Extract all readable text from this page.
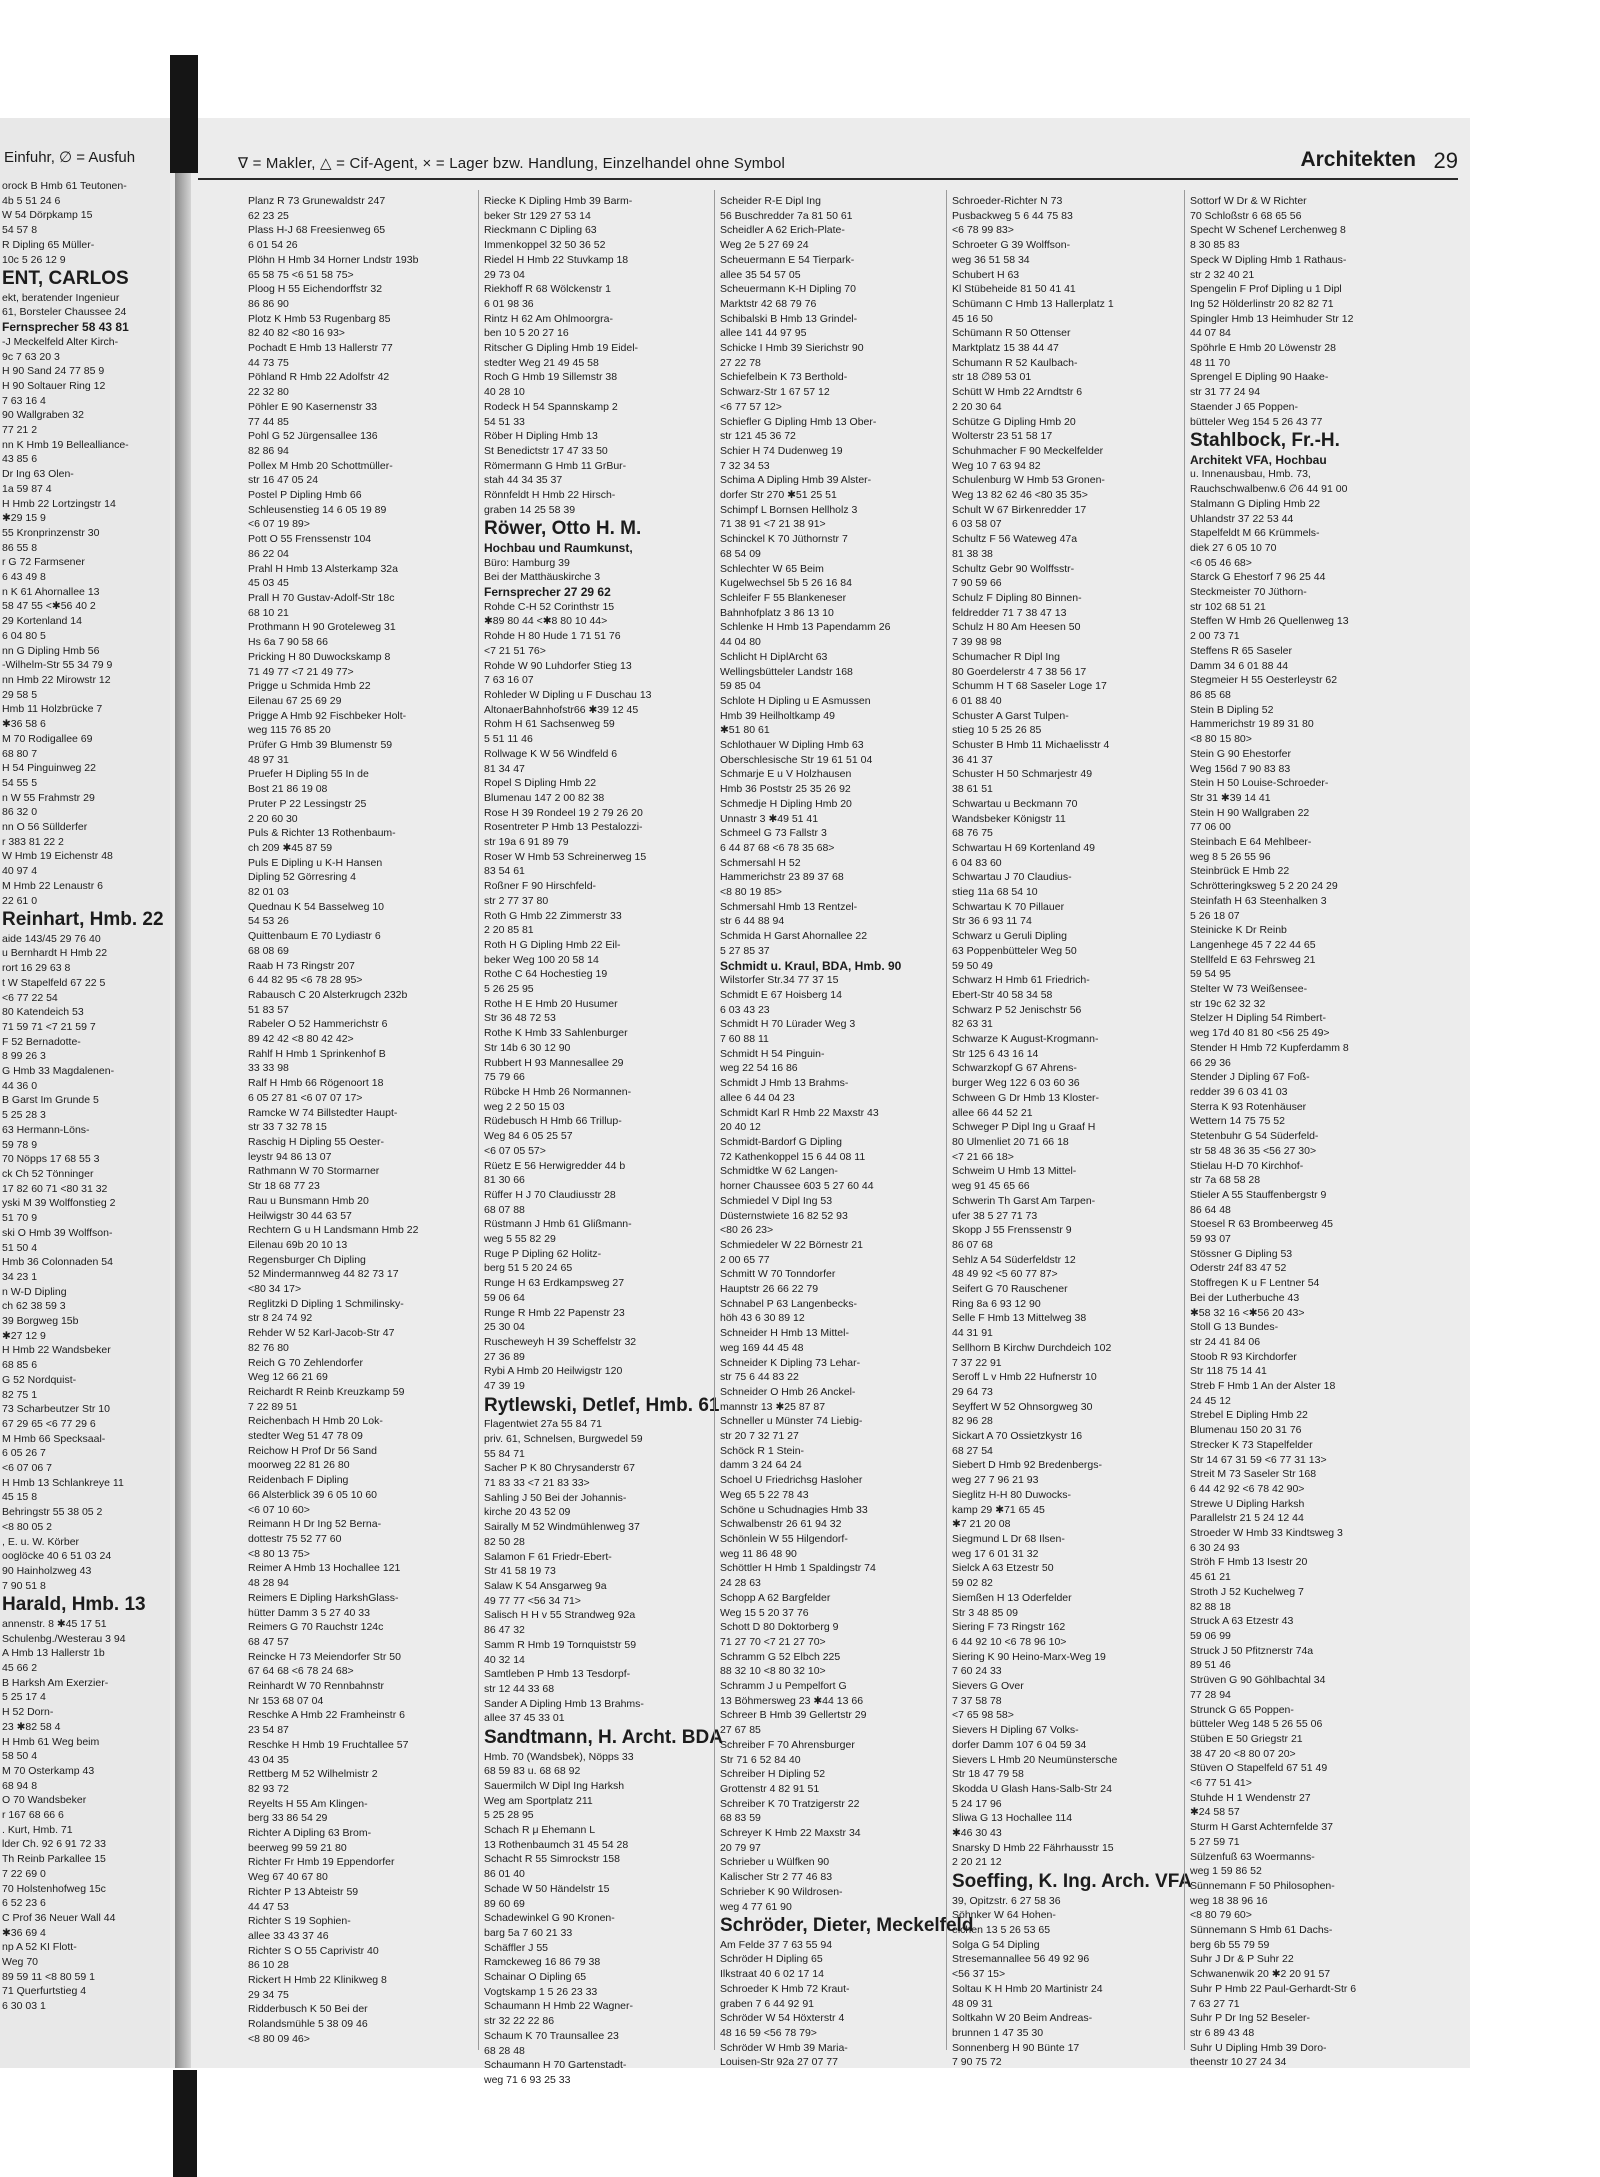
Einfuhr, ∅ = Ausfuh
orock B Hmb 61 Teutonen-
4b 5 51 24 6
W 54 Dörpkamp 15
54 57 8
R Dipling 65 Müller-
10c 5 26 12 9
ENT, CARLOS
ekt, beratender Ingenieur
61, Borsteler Chaussee 24
Fernsprecher 58 43 81
-J Meckelfeld Alter Kirch-
9c 7 63 20 3
H 90 Sand 24 77 85 9
H 90 Soltauer Ring 12
7 63 16 4
90 Wallgraben 32
77 21 2
nn K Hmb 19 Bellealliance-
43 85 6
Dr Ing 63 Olen-
1a 59 87 4
H Hmb 22 Lortzingstr 14
✱29 15 9
55 Kronprinzenstr 30
86 55 8
r G 72 Farmsener
6 43 49 8
n K 61 Ahornallee 13
58 47 55 <✱56 40 2
29 Kortenland 14
6 04 80 5
nn G Dipling Hmb 56
-Wilhelm-Str 55 34 79 9
nn Hmb 22 Mirowstr 12
29 58 5
Hmb 11 Holzbrücke 7
✱36 58 6
M 70 Rodigallee 69
68 80 7
H 54 Pinguinweg 22
54 55 5
n W 55 Frahmstr 29
86 32 0
nn O 56 Süllderfer
r 383 81 22 2
W Hmb 19 Eichenstr 48
40 97 4
M Hmb 22 Lenaustr 6
22 61 0
Reinhart, Hmb. 22
aide 143/45 29 76 40
u Bernhardt H Hmb 22
rort 16 29 63 8
t W Stapelfeld 67 22 5
<6 77 22 54
80 Katendeich 53
71 59 71 <7 21 59 7
F 52 Bernadotte-
8 99 26 3
G Hmb 33 Magdalenen-
44 36 0
B Garst Im Grunde 5
5 25 28 3
63 Hermann-Löns-
59 78 9
70 Nöpps 17 68 55 3
ck Ch 52 Tönninger
17 82 60 71 <80 31 32
yski M 39 Wolffonstieg 2
51 70 9
ski O Hmb 39 Wolffson-
51 50 4
Hmb 36 Colonnaden 54
34 23 1
n W-D Dipling
ch 62 38 59 3
39 Borgweg 15b
✱27 12 9
H Hmb 22 Wandsbeker
68 85 6
G 52 Nordquist-
82 75 1
73 Scharbeutzer Str 10
67 29 65 <6 77 29 6
M Hmb 66 Specksaal-
6 05 26 7
<6 07 06 7
H Hmb 13 Schlankreye 11
45 15 8
Behringstr 55 38 05 2
<8 80 05 2
, E. u. W. Körber
ooglöcke 40 6 51 03 24
90 Hainholzweg 43
7 90 51 8
Harald, Hmb. 13
annenstr. 8 ✱45 17 51
Schulenbg./Westerau 3 94
A Hmb 13 Hallerstr 1b
45 66 2
B Harksh Am Exerzier-
5 25 17 4
H 52 Dorn-
23 ✱82 58 4
H Hmb 61 Weg beim
58 50 4
M 70 Osterkamp 43
68 94 8
O 70 Wandsbeker
r 167 68 66 6
. Kurt, Hmb. 71
lder Ch. 92 6 91 72 33
Th Reinb Parkallee 15
7 22 69 0
70 Holstenhofweg 15c
6 52 23 6
C Prof 36 Neuer Wall 44
✱36 69 4
np A 52 KI Flott-
Weg 70
89 59 11 <8 80 59 1
71 Querfurtstieg 4
6 30 03 1
∇ = Makler, △ = Cif-Agent, × = Lager bzw. Handlung, Einzelhandel ohne Symbol	Architekten 29
Planz R 73 Grunewaldstr 247
62 23 25
Plass H-J 68 Freesienweg 65
6 01 54 26
Plöhn H Hmb 34 Horner Lndstr 193b
65 58 75 <6 51 58 75>
Ploog H 55 Eichendorffstr 32
86 86 90
Plotz K Hmb 53 Rugenbarg 85
82 40 82 <80 16 93>
Pochadt E Hmb 13 Hallerstr 77
44 73 75
Pöhland R Hmb 22 Adolfstr 42
22 32 80
Pöhler E 90 Kasernenstr 33
77 44 85
Pohl G 52 Jürgensallee 136
82 86 94
Pollex M Hmb 20 Schottmüller-
str 16 47 05 24
Postel P Dipling Hmb 66
Schleusenstieg 14 6 05 19 89
<6 07 19 89>
Pott O 55 Frenssenstr 104
86 22 04
Prahl H Hmb 13 Alsterkamp 32a
45 03 45
Prall H 70 Gustav-Adolf-Str 18c
68 10 21
Prothmann H 90 Groteleweg 31
Hs 6a 7 90 58 66
Pricking H 80 Duwockskamp 8
71 49 77 <7 21 49 77>
Prigge u Schmida Hmb 22
Eilenau 67 25 69 29
Prigge A Hmb 92 Fischbeker Holt-
weg 115 76 85 20
Prüfer G Hmb 39 Blumenstr 59
48 97 31
Pruefer H Dipling 55 In de
Bost 21 86 19 08
Pruter P 22 Lessingstr 25
2 20 60 30
Puls & Richter 13 Rothenbaum-
ch 209 ✱45 87 59
Puls E Dipling u K-H Hansen
Dipling 52 Görresring 4
82 01 03
Quednau K 54 Basselweg 10
54 53 26
Quittenbaum E 70 Lydiastr 6
68 08 69
Raab H 73 Ringstr 207
6 44 82 95 <6 78 28 95>
Rabausch C 20 Alsterkrugch 232b
51 83 57
Rabeler O 52 Hammerichstr 6
89 42 42 <8 80 42 42>
Rahlf H Hmb 1 Sprinkenhof B
33 33 98
Ralf H Hmb 66 Rögenoort 18
6 05 27 81 <6 07 07 17>
Ramcke W 74 Billstedter Haupt-
str 33 7 32 78 15
Raschig H Dipling 55 Oester-
leystr 94 86 13 07
Rathmann W 70 Stormarner
Str 18 68 77 23
Rau u Bunsmann Hmb 20
Heilwigstr 30 44 63 57
Rechtern G u H Landsmann Hmb 22
Eilenau 69b 20 10 13
Regensburger Ch Dipling
52 Mindermannweg 44 82 73 17
<80 34 17>
Reglitzki D Dipling 1 Schmilinsky-
str 8 24 74 92
Rehder W 52 Karl-Jacob-Str 47
82 76 80
Reich G 70 Zehlendorfer
Weg 12 66 21 69
Reichardt R Reinb Kreuzkamp 59
7 22 89 51
Reichenbach H Hmb 20 Lok-
stedter Weg 51 47 78 09
Reichow H Prof Dr 56 Sand
moorweg 22 81 26 80
Reidenbach F Dipling
66 Alsterblick 39 6 05 10 60
<6 07 10 60>
Reimann H Dr Ing 52 Berna-
dottestr 75 52 77 60
<8 80 13 75>
Reimer A Hmb 13 Hochallee 121
48 28 94
Reimers E Dipling HarkshGlass-
hütter Damm 3 5 27 40 33
Reimers G 70 Rauchstr 124c
68 47 57
Reincke H 73 Meiendorfer Str 50
67 64 68 <6 78 24 68>
Reinhardt W 70 Rennbahnstr
Nr 153 68 07 04
Reschke A Hmb 22 Framheinstr 6
23 54 87
Reschke H Hmb 19 Fruchtallee 57
43 04 35
Rettberg M 52 Wilhelmistr 2
82 93 72
Reyelts H 55 Am Klingen-
berg 33 86 54 29
Richter A Dipling 63 Brom-
beerweg 99 59 21 80
Richter Fr Hmb 19 Eppendorfer
Weg 67 40 67 80
Richter P 13 Abteistr 59
44 47 53
Richter S 19 Sophien-
allee 33 43 37 46
Richter S O 55 Caprivistr 40
86 10 28
Rickert H Hmb 22 Klinikweg 8
29 34 75
Ridderbusch K 50 Bei der
Rolandsmühle 5 38 09 46
<8 80 09 46>
Riecke K Dipling Hmb 39 Barm-
beker Str 129 27 53 14
Rieckmann C Dipling 63
Immenkoppel 32 50 36 52
Riedel H Hmb 22 Stuvkamp 18
29 73 04
Riekhoff R 68 Wölckenstr 1
6 01 98 36
Rintz H 62 Am Ohlmoorgra-
ben 10 5 20 27 16
Ritscher G Dipling Hmb 19 Eidel-
stedter Weg 21 49 45 58
Roch G Hmb 19 Sillemstr 38
40 28 10
Rodeck H 54 Spannskamp 2
54 51 33
Röber H Dipling Hmb 13
St Benedictstr 17 47 33 50
Römermann G Hmb 11 GrBur-
stah 44 34 35 37
Rönnfeldt H Hmb 22 Hirsch-
graben 14 25 58 39
Röwer, Otto H. M.
Hochbau und Raumkunst,
Büro: Hamburg 39
Bei der Matthäuskirche 3
Fernsprecher 27 29 62
Rohde C-H 52 Corinthstr 15
✱89 80 44 <✱8 80 10 44>
Rohde H 80 Hude 1 71 51 76
<7 21 51 76>
Rohde W 90 Luhdorfer Stieg 13
7 63 16 07
Rohleder W Dipling u F Duschau 13
AltonaerBahnhofstr66 ✱39 12 45
Rohm H 61 Sachsenweg 59
5 51 11 46
Rollwage K W 56 Windfeld 6
81 34 47
Ropel S Dipling Hmb 22
Blumenau 147 2 00 82 38
Rose H 39 Rondeel 19 2 79 26 20
Rosentreter P Hmb 13 Pestalozzi-
str 19a 6 91 89 79
Roser W Hmb 53 Schreinerweg 15
83 54 61
Roßner F 90 Hirschfeld-
str 2 77 37 80
Roth G Hmb 22 Zimmerstr 33
2 20 85 81
Roth H G Dipling Hmb 22 Eil-
beker Weg 100 20 58 14
Rothe C 64 Hochestieg 19
5 26 25 95
Rothe H E Hmb 20 Husumer
Str 36 48 72 53
Rothe K Hmb 33 Sahlenburger
Str 14b 6 30 12 90
Rubbert H 93 Mannesallee 29
75 79 66
Rübcke H Hmb 26 Normannen-
weg 2 2 50 15 03
Rüdebusch H Hmb 66 Trillup-
Weg 84 6 05 25 57
<6 07 05 57>
Rüetz E 56 Herwigredder 44 b
81 30 66
Rüffer H J 70 Claudiusstr 28
68 07 88
Rüstmann J Hmb 61 Glißmann-
weg 5 55 82 29
Ruge P Dipling 62 Holitz-
berg 51 5 20 24 65
Runge H 63 Erdkampsweg 27
59 06 64
Runge R Hmb 22 Papenstr 23
25 30 04
Ruscheweyh H 39 Scheffelstr 32
27 36 89
Rybi A Hmb 20 Heilwigstr 120
47 39 19
Rytlewski, Detlef, Hmb. 61
Flagentwiet 27a 55 84 71
priv. 61, Schnelsen, Burgwedel 59
55 84 71
Sacher P K 80 Chrysanderstr 67
71 83 33 <7 21 83 33>
Sahling J 50 Bei der Johannis-
kirche 20 43 52 09
Sairally M 52 Windmühlenweg 37
82 50 28
Salamon F 61 Friedr-Ebert-
Str 41 58 19 73
Salaw K 54 Ansgarweg 9a
49 77 77 <56 34 71>
Salisch H H v 55 Strandweg 92a
86 47 32
Samm R Hmb 19 Tornquiststr 59
40 32 14
Samtleben P Hmb 13 Tesdorpf-
str 12 44 33 68
Sander A Dipling Hmb 13 Brahms-
allee 37 45 33 01
Sandtmann, H. Archt. BDA
Hmb. 70 (Wandsbek), Nöpps 33
68 59 83 u. 68 68 92
Sauermilch W Dipl Ing Harksh
Weg am Sportplatz 211
5 25 28 95
Schach R μ Ehemann L
13 Rothenbaumch 31 45 54 28
Schacht R 55 Simrockstr 158
86 01 40
Schade W 50 Händelstr 15
89 60 69
Schadewinkel G 90 Kronen-
barg 5a 7 60 21 33
Schäffler J 55
Ramckeweg 16 86 79 38
Schainar O Dipling 65
Vogtskamp 1 5 26 23 33
Schaumann H Hmb 22 Wagner-
str 32 22 22 86
Schaum K 70 Traunsallee 23
68 28 48
Schaumann H 70 Gartenstadt-
weg 71 6 93 25 33
Scheider R-E Dipl Ing
56 Buschredder 7a 81 50 61
Scheidler A 62 Erich-Plate-
Weg 2e 5 27 69 24
Scheuermann E 54 Tierpark-
allee 35 54 57 05
Scheuermann K-H Dipling 70
Marktstr 42 68 79 76
Schibalski B Hmb 13 Grindel-
allee 141 44 97 95
Schicke I Hmb 39 Sierichstr 90
27 22 78
Schiefelbein K 73 Berthold-
Schwarz-Str 1 67 57 12
<6 77 57 12>
Schiefler G Dipling Hmb 13 Ober-
str 121 45 36 72
Schier H 74 Dudenweg 19
7 32 34 53
Schima A Dipling Hmb 39 Alster-
dorfer Str 270 ✱51 25 51
Schimpf L Bornsen Hellholz 3
71 38 91 <7 21 38 91>
Schinckel K 70 Jüthornstr 7
68 54 09
Schlechter W 65 Beim
Kugelwechsel 5b 5 26 16 84
Schleifer F 55 Blankeneser
Bahnhofplatz 3 86 13 10
Schlenke H Hmb 13 Papendamm 26
44 04 80
Schlicht H DiplArcht 63
Wellingsbütteler Landstr 168
59 85 04
Schlote H Dipling u E Asmussen
Hmb 39 Heilholtkamp 49
✱51 80 61
Schlothauer W Dipling Hmb 63
Oberschlesische Str 19 61 51 04
Schmarje E u V Holzhausen
Hmb 36 Poststr 25 35 26 92
Schmedje H Dipling Hmb 20
Unnastr 3 ✱49 51 41
Schmeel G 73 Fallstr 3
6 44 87 68 <6 78 35 68>
Schmersahl H 52
Hammerichstr 23 89 37 68
<8 80 19 85>
Schmersahl Hmb 13 Rentzel-
str 6 44 88 94
Schmida H Garst Ahornallee 22
5 27 85 37
Schmidt u. Kraul, BDA, Hmb. 90
Wilstorfer Str.34 77 37 15
Schmidt E 67 Hoisberg 14
6 03 43 23
Schmidt H 70 Lürader Weg 3
7 60 88 11
Schmidt H 54 Pinguin-
weg 22 54 16 86
Schmidt J Hmb 13 Brahms-
allee 6 44 04 23
Schmidt Karl R Hmb 22 Maxstr 43
20 40 12
Schmidt-Bardorf G Dipling
72 Kathenkoppel 15 6 44 08 11
Schmidtke W 62 Langen-
horner Chaussee 603 5 27 60 44
Schmiedel V Dipl Ing 53
Düsternstwiete 16 82 52 93
<80 26 23>
Schmiedeler W 22 Börnestr 21
2 00 65 77
Schmitt W 70 Tonndorfer
Hauptstr 26 66 22 79
Schnabel P 63 Langenbecks-
höh 43 6 30 89 12
Schneider H Hmb 13 Mittel-
weg 169 44 45 48
Schneider K Dipling 73 Lehar-
str 75 6 44 83 22
Schneider O Hmb 26 Anckel-
mannstr 13 ✱25 87 87
Schneller u Münster 74 Liebig-
str 20 7 32 71 27
Schöck R 1 Stein-
damm 3 24 64 24
Schoel U Friedrichsg Hasloher
Weg 65 5 22 78 43
Schöne u Schudnagies Hmb 33
Schwalbenstr 26 61 94 32
Schönlein W 55 Hilgendorf-
weg 11 86 48 90
Schöttler H Hmb 1 Spaldingstr 74
24 28 63
Schopp A 62 Bargfelder
Weg 15 5 20 37 76
Schott D 80 Doktorberg 9
71 27 70 <7 21 27 70>
Schramm G 52 Elbch 225
88 32 10 <8 80 32 10>
Schramm J u Pempelfort G
13 Böhmersweg 23 ✱44 13 66
Schreer B Hmb 39 Gellertstr 29
27 67 85
Schreiber F 70 Ahrensburger
Str 71 6 52 84 40
Schreiber H Dipling 52
Grottenstr 4 82 91 51
Schreiber K 70 Tratzigerstr 22
68 83 59
Schreyer K Hmb 22 Maxstr 34
20 79 97
Schrieber u Wülfken 90
Kalischer Str 2 77 46 83
Schrieber K 90 Wildrosen-
weg 4 77 61 90
Schröder, Dieter, Meckelfeld
Am Felde 37 7 63 55 94
Schröder H Dipling 65
Ilkstraat 40 6 02 17 14
Schroeder K Hmb 72 Kraut-
graben 7 6 44 92 91
Schröder W 54 Höxterstr 4
48 16 59 <56 78 79>
Schröder W Hmb 39 Maria-
Louisen-Str 92a 27 07 77
Schroeder-Richter N 73
Pusbackweg 5 6 44 75 83
<6 78 99 83>
Schroeter G 39 Wolffson-
weg 36 51 58 34
Schubert H 63
Kl Stübeheide 81 50 41 41
Schümann C Hmb 13 Hallerplatz 1
45 16 50
Schümann R 50 Ottenser
Marktplatz 15 38 44 47
Schumann R 52 Kaulbach-
str 18 ∅89 53 01
Schütt W Hmb 22 Arndtstr 6
2 20 30 64
Schütze G Dipling Hmb 20
Wolterstr 23 51 58 17
Schuhmacher F 90 Meckelfelder
Weg 10 7 63 94 82
Schulenburg W Hmb 53 Gronen-
Weg 13 82 62 46 <80 35 35>
Schult W 67 Birkenredder 17
6 03 58 07
Schultz F 56 Wateweg 47a
81 38 38
Schultz Gebr 90 Wolffsstr-
7 90 59 66
Schulz F Dipling 80 Binnen-
feldredder 71 7 38 47 13
Schulz H 80 Am Heesen 50
7 39 98 98
Schumacher R Dipl Ing
80 Goerdelerstr 4 7 38 56 17
Schumm H T 68 Saseler Loge 17
6 01 88 40
Schuster A Garst Tulpen-
stieg 10 5 25 26 85
Schuster B Hmb 11 Michaelisstr 4
36 41 37
Schuster H 50 Schmarjestr 49
38 61 51
Schwartau u Beckmann 70
Wandsbeker Königstr 11
68 76 75
Schwartau H 69 Kortenland 49
6 04 83 60
Schwartau J 70 Claudius-
stieg 11a 68 54 10
Schwartau K 70 Pillauer
Str 36 6 93 11 74
Schwarz u Geruli Dipling
63 Poppenbütteler Weg 50
59 50 49
Schwarz H Hmb 61 Friedrich-
Ebert-Str 40 58 34 58
Schwarz P 52 Jenischstr 56
82 63 31
Schwarze K August-Krogmann-
Str 125 6 43 16 14
Schwarzkopf G 67 Ahrens-
burger Weg 122 6 03 60 36
Schween G Dr Hmb 13 Kloster-
allee 66 44 52 21
Schweger P Dipl Ing u Graaf H
80 Ulmenliet 20 71 66 18
<7 21 66 18>
Schweim U Hmb 13 Mittel-
weg 91 45 65 66
Schwerin Th Garst Am Tarpen-
ufer 38 5 27 71 73
Skopp J 55 Frenssenstr 9
86 07 68
Sehlz A 54 Süderfeldstr 12
48 49 92 <5 60 77 87>
Seifert G 70 Rauschener
Ring 8a 6 93 12 90
Selle F Hmb 13 Mittelweg 38
44 31 91
Sellhorn B Kirchw Durchdeich 102
7 37 22 91
Seroff L v Hmb 22 Hufnerstr 10
29 64 73
Seyffert W 52 Ohnsorgweg 30
82 96 28
Sickart A 70 Ossietzkystr 16
68 27 54
Siebert D Hmb 92 Bredenbergs-
weg 27 7 96 21 93
Sieglitz H-H 80 Duwocks-
kamp 29 ✱71 65 45
✱7 21 20 08
Siegmund L Dr 68 Ilsen-
weg 17 6 01 31 32
Sielck A 63 Etzestr 50
59 02 82
Siemßen H 13 Oderfelder
Str 3 48 85 09
Siering F 73 Ringstr 162
6 44 92 10 <6 78 96 10>
Siering K 90 Heino-Marx-Weg 19
7 60 24 33
Sievers G Over
7 37 58 78
<7 65 98 58>
Sievers H Dipling 67 Volks-
dorfer Damm 107 6 04 59 34
Sievers L Hmb 20 Neumünstersche
Str 18 47 79 58
Skodda U Glash Hans-Salb-Str 24
5 24 17 96
Sliwa G 13 Hochallee 114
✱46 30 43
Snarsky D Hmb 22 Fährhausstr 15
2 20 21 12
Soeffing, K. Ing. Arch. VFA
39, Opitzstr. 6 27 58 36
Söhnker W 64 Hohen-
eichen 13 5 26 53 65
Solga G 54 Dipling
Stresemannallee 56 49 92 96
<56 37 15>
Soltau K H Hmb 20 Martinistr 24
48 09 31
Soltkahn W 20 Beim Andreas-
brunnen 1 47 35 30
Sonnenberg H 90 Bünte 17
7 90 75 72
Sottorf W Dr & W Richter
70 Schloßstr 6 68 65 56
Specht W Schenef Lerchenweg 8
8 30 85 83
Speck W Dipling Hmb 1 Rathaus-
str 2 32 40 21
Spengelin F Prof Dipling u 1 Dipl
Ing 52 Hölderlinstr 20 82 82 71
Spingler Hmb 13 Heimhuder Str 12
44 07 84
Spöhrle E Hmb 20 Löwenstr 28
48 11 70
Sprengel E Dipling 90 Haake-
str 31 77 24 94
Staender J 65 Poppen-
bütteler Weg 154 5 26 43 77
Stahlbock, Fr.-H.
Architekt VFA, Hochbau
u. Innenausbau, Hmb. 73,
Rauchschwalbenw.6 ∅6 44 91 00
Stalmann G Dipling Hmb 22
Uhlandstr 37 22 53 44
Stapelfeldt M 66 Krümmels-
diek 27 6 05 10 70
<6 05 46 68>
Starck G Ehestorf 7 96 25 44
Steckmeister 70 Jüthorn-
str 102 68 51 21
Steffen W Hmb 26 Quellenweg 13
2 00 73 71
Steffens R 65 Saseler
Damm 34 6 01 88 44
Stegmeier H 55 Oesterleystr 62
86 85 68
Stein B Dipling 52
Hammerichstr 19 89 31 80
<8 80 15 80>
Stein G 90 Ehestorfer
Weg 156d 7 90 83 83
Stein H 50 Louise-Schroeder-
Str 31 ✱39 14 41
Stein H 90 Wallgraben 22
77 06 00
Steinbach E 64 Mehlbeer-
weg 8 5 26 55 96
Steinbrück E Hmb 22
Schrötteringksweg 5 2 20 24 29
Steinfath H 63 Steenhalken 3
5 26 18 07
Steinicke K Dr Reinb
Langenhege 45 7 22 44 65
Stellfeld E 63 Fehrsweg 21
59 54 95
Stelter W 73 Weißensee-
str 19c 62 32 32
Stelzer H Dipling 54 Rimbert-
weg 17d 40 81 80 <56 25 49>
Stender H Hmb 72 Kupferdamm 8
66 29 36
Stender J Dipling 67 Foß-
redder 39 6 03 41 03
Sterra K 93 Rotenhäuser
Wettern 14 75 75 52
Stetenbuhr G 54 Süderfeld-
str 58 48 36 35 <56 27 30>
Stielau H-D 70 Kirchhof-
str 7a 68 58 28
Stieler A 55 Stauffenbergstr 9
86 64 48
Stoesel R 63 Brombeerweg 45
59 93 07
Stössner G Dipling 53
Oderstr 24f 83 47 52
Stoffregen K u F Lentner 54
Bei der Lutherbuche 43
✱58 32 16 <✱56 20 43>
Stoll G 13 Bundes-
str 24 41 84 06
Stoob R 93 Kirchdorfer
Str 118 75 14 41
Streb F Hmb 1 An der Alster 18
24 45 12
Strebel E Dipling Hmb 22
Blumenau 150 20 31 76
Strecker K 73 Stapelfelder
Str 14 67 31 59 <6 77 31 13>
Streit M 73 Saseler Str 168
6 44 42 92 <6 78 42 90>
Strewe U Dipling Harksh
Parallelstr 21 5 24 12 44
Stroeder W Hmb 33 Kindtsweg 3
6 30 24 93
Ströh F Hmb 13 Isestr 20
45 61 21
Stroth J 52 Kuchelweg 7
82 88 18
Struck A 63 Etzestr 43
59 06 99
Struck J 50 Pfitznerstr 74a
89 51 46
Strüven G 90 Göhlbachtal 34
77 28 94
Strunck G 65 Poppen-
bütteler Weg 148 5 26 55 06
Stüben E 50 Griegstr 21
38 47 20 <8 80 07 20>
Stüven O Stapelfeld 67 51 49
<6 77 51 41>
Stuhde H 1 Wendenstr 27
✱24 58 57
Sturm H Garst Achternfelde 37
5 27 59 71
Sülzenfuß 63 Woermanns-
weg 1 59 86 52
Sünnemann F 50 Philosophen-
weg 18 38 96 16
<8 80 79 60>
Sünnemann S Hmb 61 Dachs-
berg 6b 55 79 59
Suhr J Dr & P Suhr 22
Schwanenwik 20 ✱2 20 91 57
Suhr P Hmb 22 Paul-Gerhardt-Str 6
7 63 27 71
Suhr P Dr Ing 52 Beseler-
str 6 89 43 48
Suhr U Dipling Hmb 39 Doro-
theenstr 10 27 24 34
